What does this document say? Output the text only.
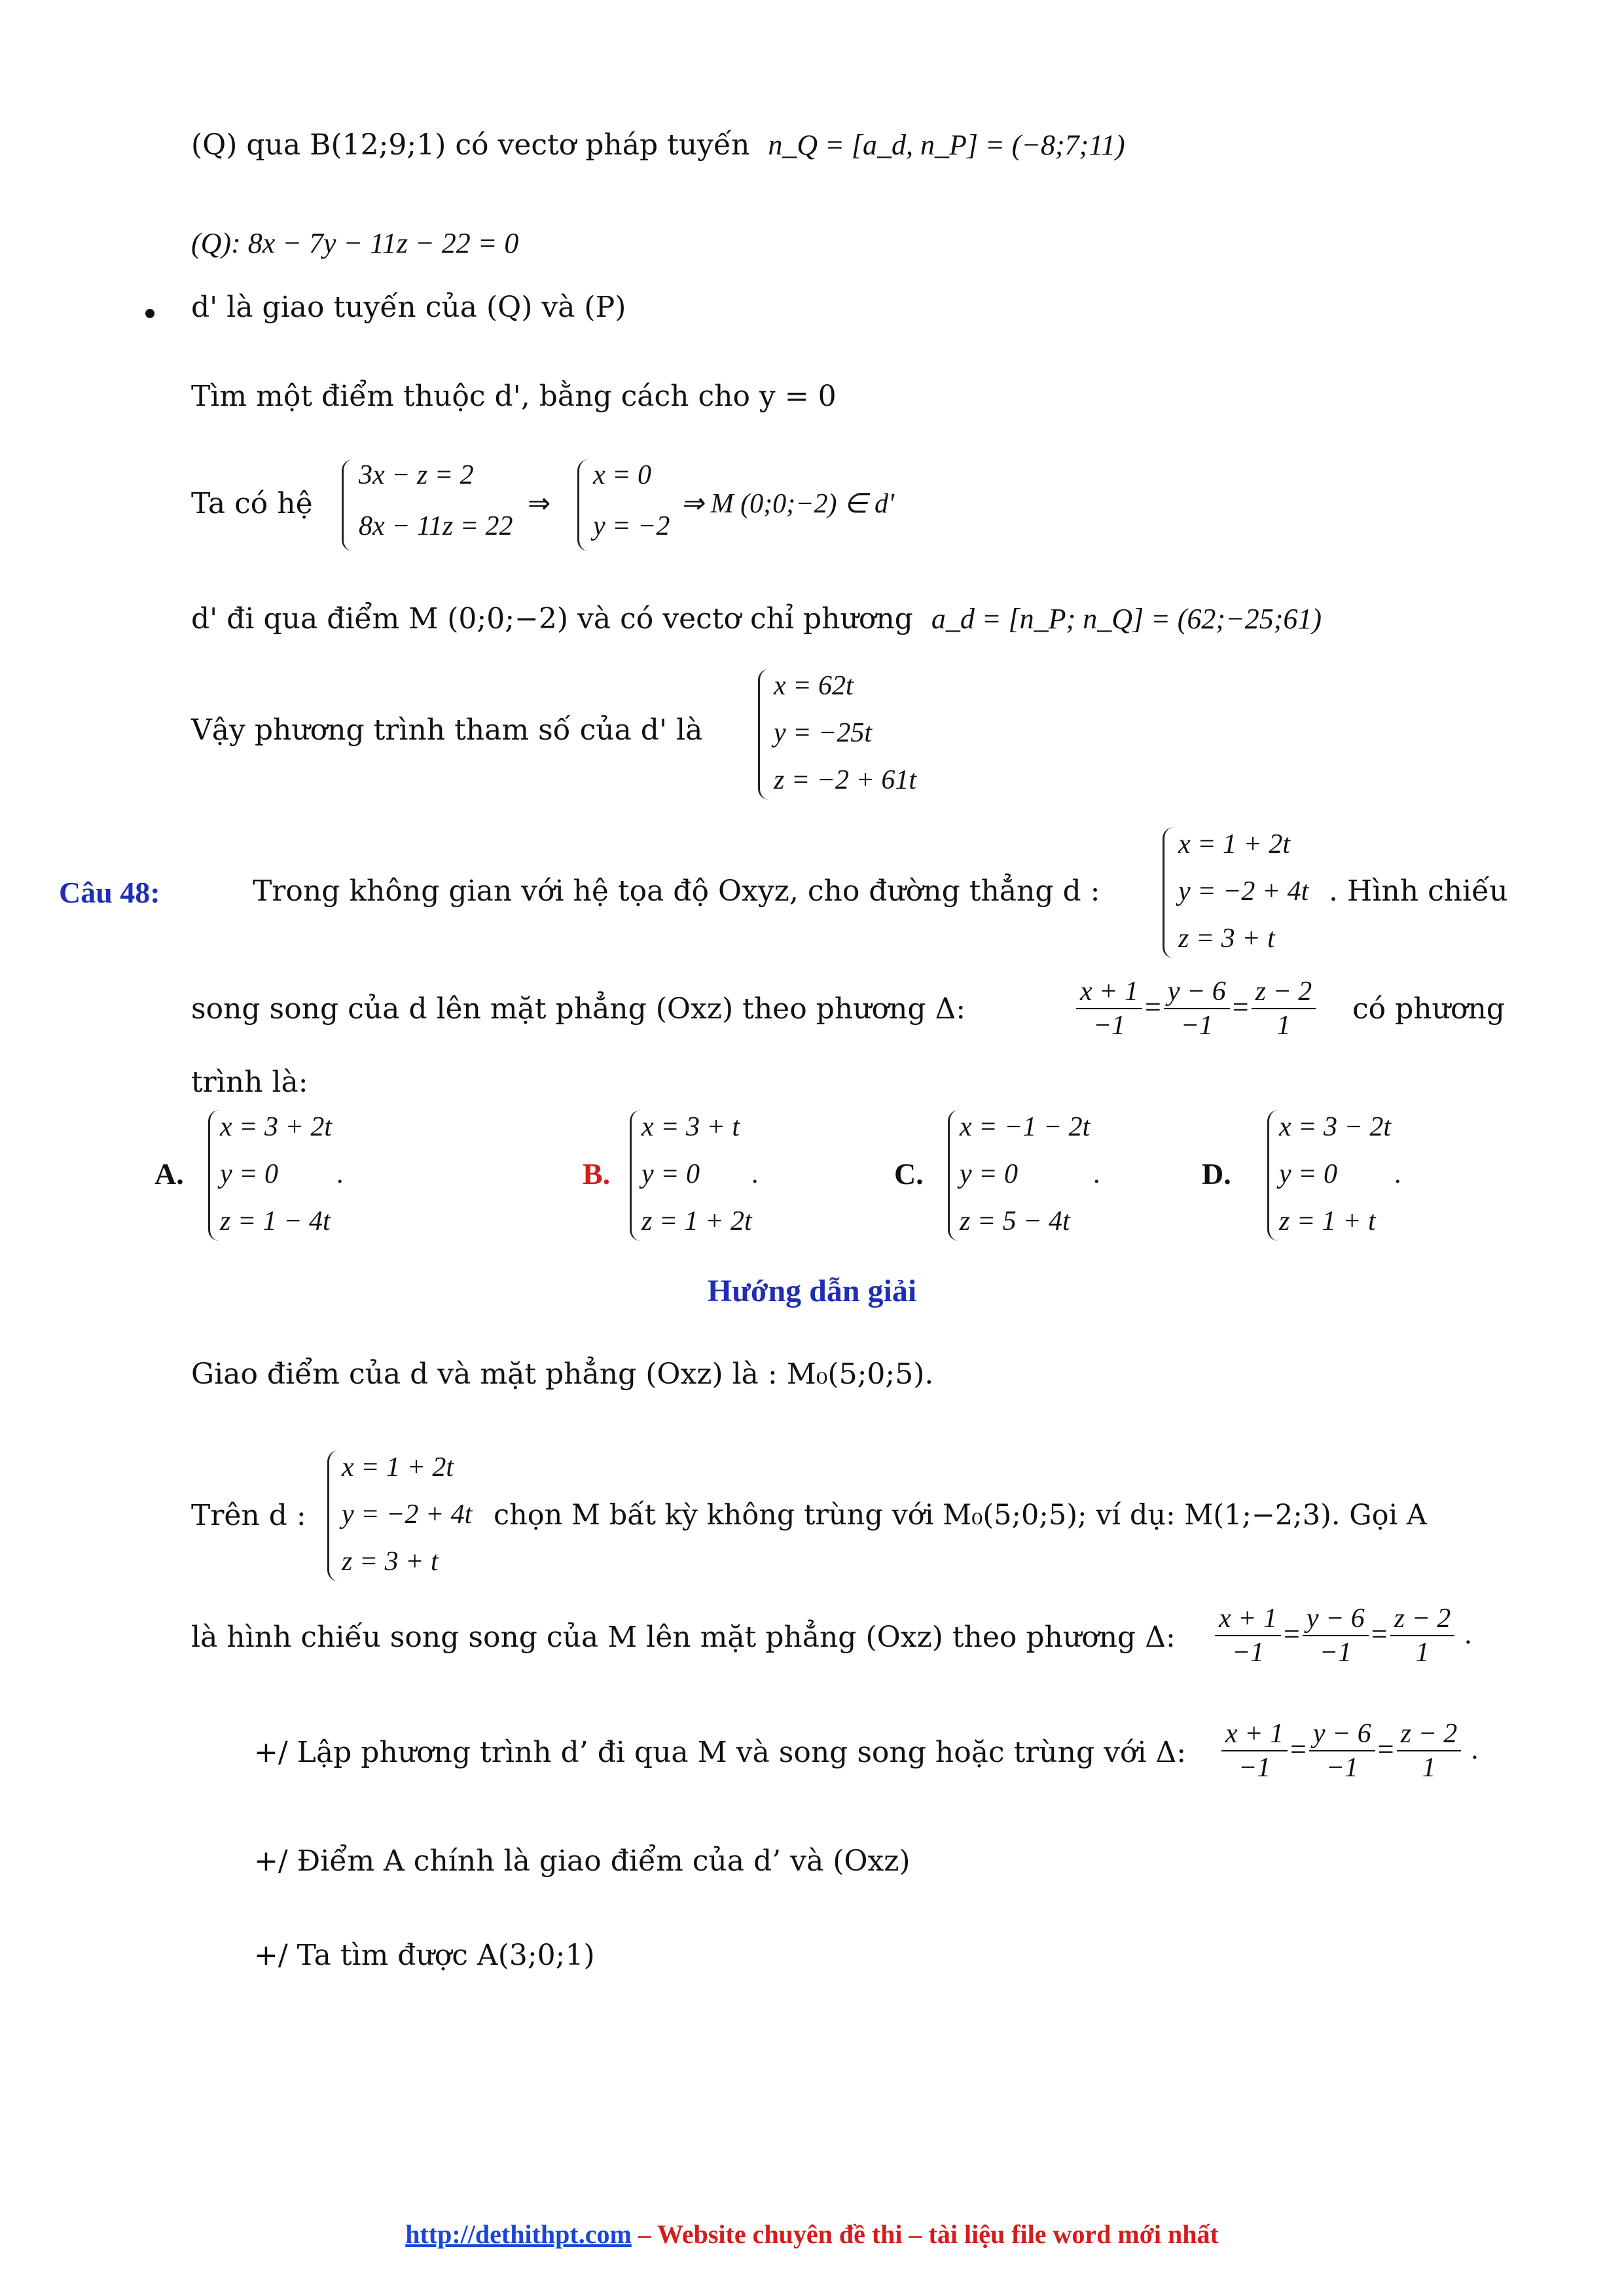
(Q) qua B(12;9;1) có vectơ pháp tuyến n_Q = [a_d, n_P] = (−8;7;11)
(Q): 8x − 7y − 11z − 22 = 0
d' là giao tuyến của (Q) và (P)
Tìm một điểm thuộc d', bằng cách cho y = 0
Ta có hệ
3x − z = 2
8x − 11z = 22
⇒
x = 0
y = −2
⇒ M (0;0;−2) ∈ d'
d' đi qua điểm M (0;0;−2) và có vectơ chỉ phương a_d = [n_P; n_Q] = (62;−25;61)
Vậy phương trình tham số của d' là
x = 62t
y = −25t
z = −2 + 61t
Câu 48:	Trong không gian với hệ tọa độ Oxyz, cho đường thẳng d :
x = 1 + 2t
y = −2 + 4t
z = 3 + t
. Hình chiếu
song song của d lên mặt phẳng (Oxz) theo phương Δ:	$\frac{x + 1}{-1} = \frac{y - 6}{-1} = \frac{z - 2}{1}$ có phương
trình là:
A.
x = 3 + 2t
y = 0
z = 1 − 4t
.	B.
x = 3 + t
y = 0
z = 1 + 2t
.	C.
x = −1 − 2t
y = 0
z = 5 − 4t
.	D.
x = 3 − 2t
y = 0
z = 1 + t
.
Hướng dẫn giải
Giao điểm của d và mặt phẳng (Oxz) là : M₀(5;0;5).
Trên d :
x = 1 + 2t
y = −2 + 4t
z = 3 + t
chọn M bất kỳ không trùng với M₀(5;0;5); ví dụ: M(1;−2;3). Gọi A
là hình chiếu song song của M lên mặt phẳng (Oxz) theo phương Δ: $\frac{x + 1}{-1} = \frac{y - 6}{-1} = \frac{z - 2}{1}$ .
+/ Lập phương trình d’ đi qua M và song song hoặc trùng với Δ: $\frac{x + 1}{-1} = \frac{y - 6}{-1} = \frac{z - 2}{1}$ .
+/ Điểm A chính là giao điểm của d’ và (Oxz)
+/ Ta tìm được A(3;0;1)
http://dethithpt.com – Website chuyên đề thi – tài liệu file word mới nhất
